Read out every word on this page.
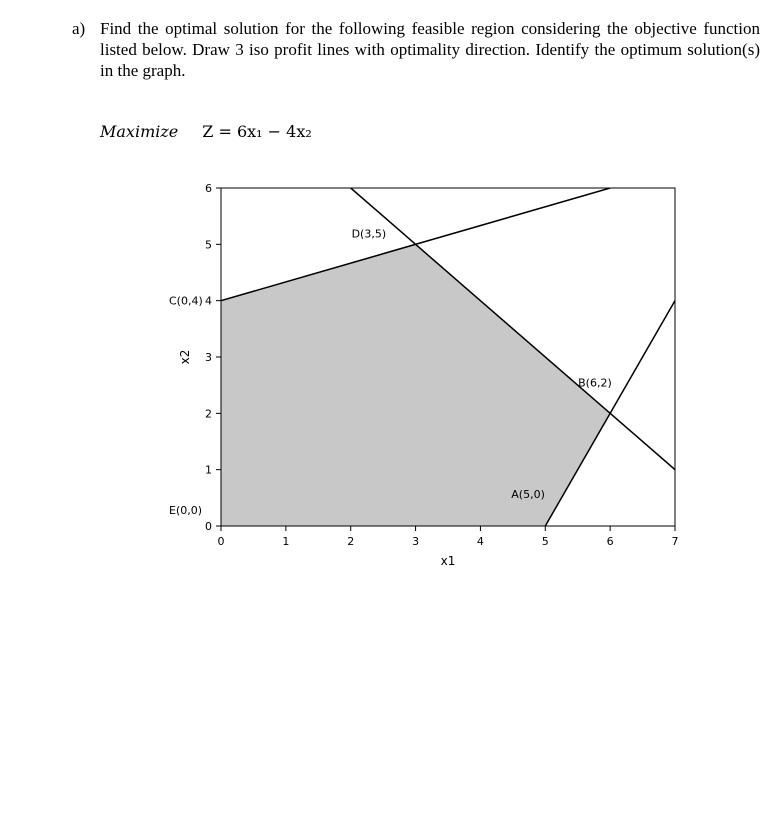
a) Find the optimal solution for the following feasible region considering the objective function listed below. Draw 3 iso profit lines with optimality direction. Identify the optimum solution(s) in the graph.
Maximize Z = 6x₁ − 4x₂
0	1	2	3	4	5	6	7
0
1
2
3
4
5
6
x1
x2
E(0,0)
C(0,4)
D(3,5)
B(6,2)
A(5,0)
